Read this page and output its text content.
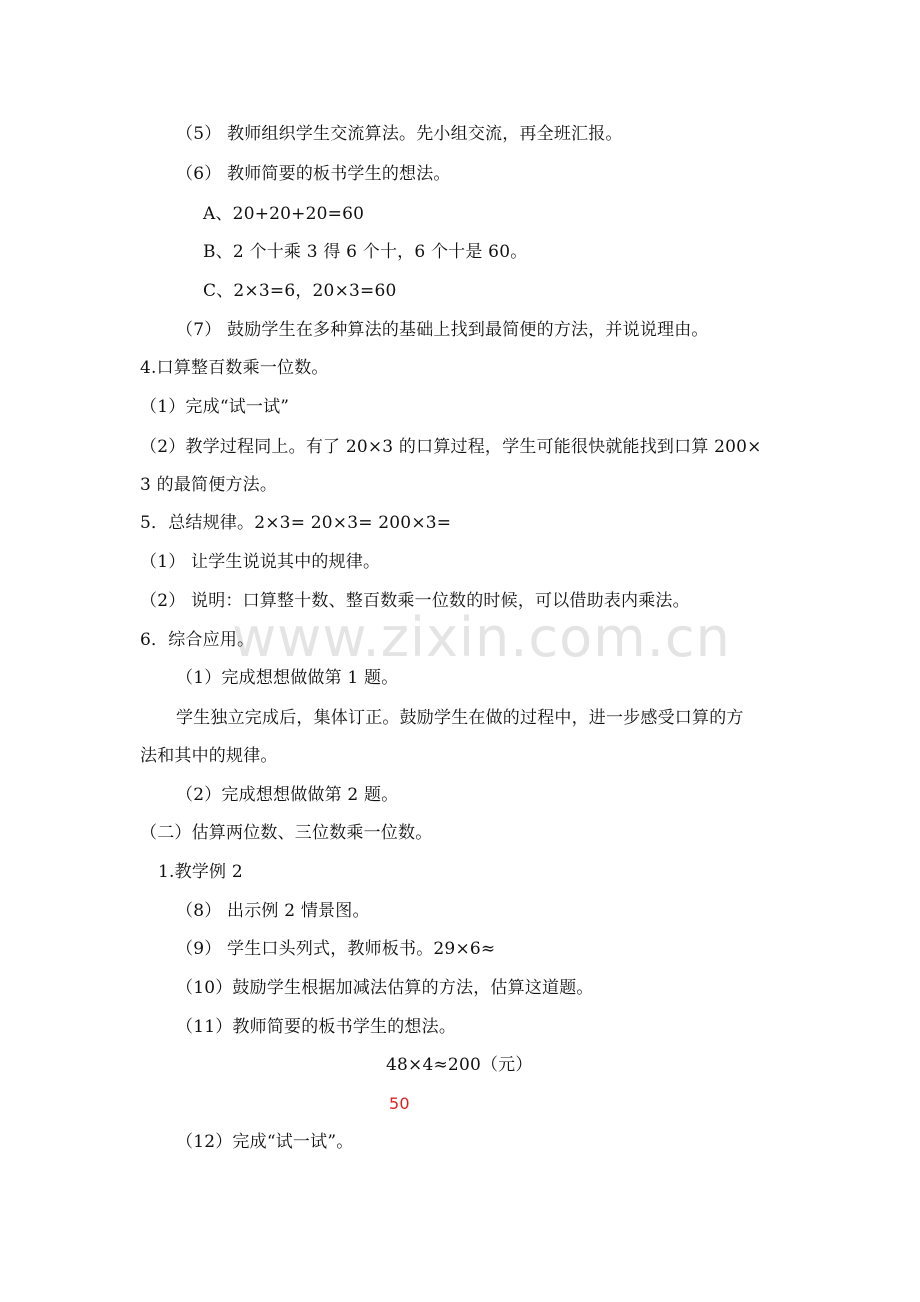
www.zixin.com.cn
（5） 教师组织学生交流算法。先小组交流，再全班汇报。
（6） 教师简要的板书学生的想法。
A、20+20+20=60
B、2 个十乘 3 得 6 个十，6 个十是 60。
C、2×3=6，20×3=60
（7） 鼓励学生在多种算法的基础上找到最简便的方法，并说说理由。
4.口算整百数乘一位数。
（1）完成“试一试”
（2）教学过程同上。有了 20×3 的口算过程，学生可能很快就能找到口算 200×
3 的最简便方法。
5．总结规律。2×3= 20×3= 200×3=
（1） 让学生说说其中的规律。
（2） 说明：口算整十数、整百数乘一位数的时候，可以借助表内乘法。
6．综合应用。
（1）完成想想做做第 1 题。
学生独立完成后，集体订正。鼓励学生在做的过程中，进一步感受口算的方
法和其中的规律。
（2）完成想想做做第 2 题。
（二）估算两位数、三位数乘一位数。
1.教学例 2
（8） 出示例 2 情景图。
（9） 学生口头列式，教师板书。29×6≈
（10）鼓励学生根据加减法估算的方法，估算这道题。
（11）教师简要的板书学生的想法。
48×4≈200（元）
50
（12）完成“试一试”。
